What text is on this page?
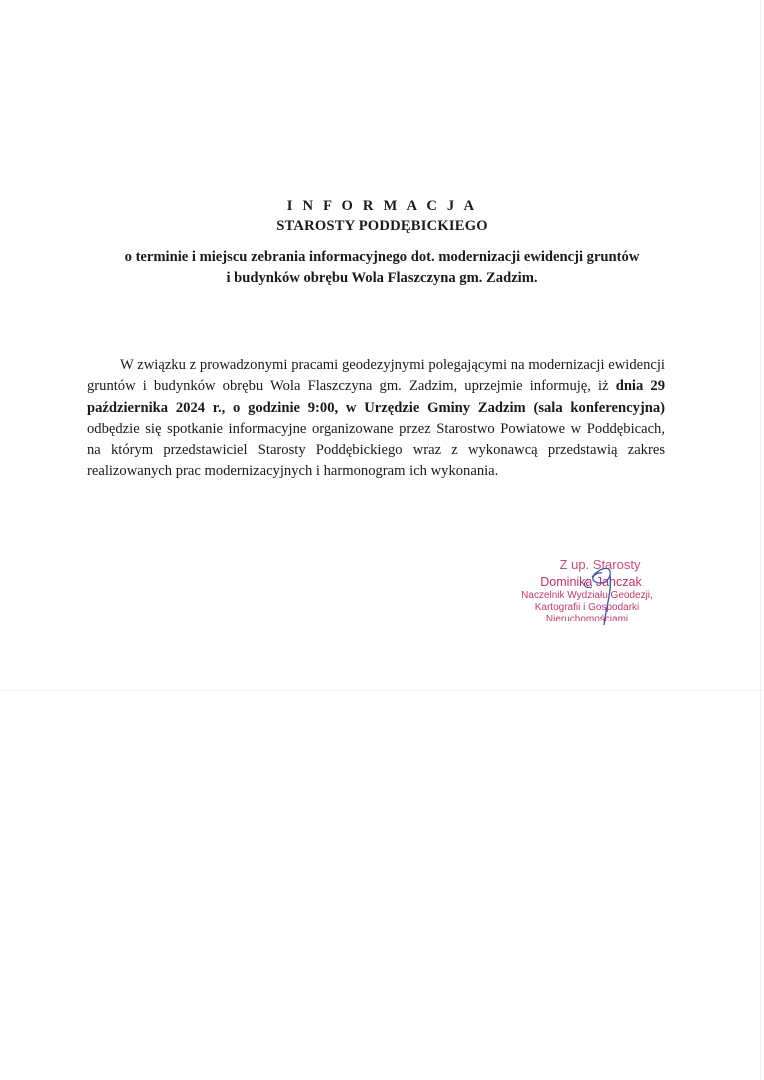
I N F O R M A C J A
STAROSTY PODDĘBICKIEGO
o terminie i miejscu zebrania informacyjnego dot. modernizacji ewidencji gruntów
i budynków obrębu Wola Flaszczyna gm. Zadzim.

W związku z prowadzonymi pracami geodezyjnymi polegającymi na modernizacji ewidencji gruntów i budynków obrębu Wola Flaszczyna gm. Zadzim, uprzejmie informuję, iż dnia 29 października 2024 r., o godzinie 9:00, w Urzędzie Gminy Zadzim (sala konferencyjna) odbędzie się spotkanie informacyjne organizowane przez Starostwo Powiatowe w Poddębicach, na którym przedstawiciel Starosty Poddębickiego wraz z wykonawcą przedstawią zakres realizowanych prac modernizacyjnych i harmonogram ich wykonania.

Z up. Starosty
Dominika Janczak
Naczelnik Wydziału Geodezji,
Kartografii i Gospodarki
Nieruchomościami
